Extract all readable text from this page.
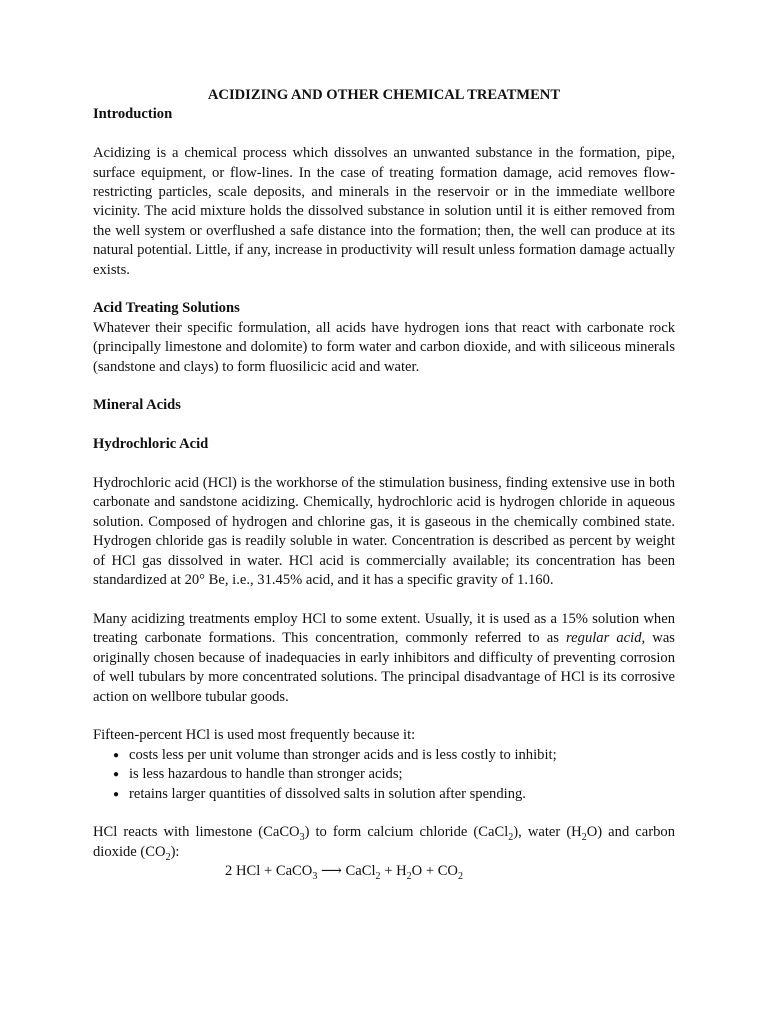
ACIDIZING AND OTHER CHEMICAL TREATMENT

Introduction

Acidizing is a chemical process which dissolves an unwanted substance in the formation, pipe, surface equipment, or flow-lines. In the case of treating formation damage, acid removes flow-restricting particles, scale deposits, and minerals in the reservoir or in the immediate wellbore vicinity. The acid mixture holds the dissolved substance in solution until it is either removed from the well system or overflushed a safe distance into the formation; then, the well can produce at its natural potential. Little, if any, increase in productivity will result unless formation damage actually exists.

Acid Treating Solutions

Whatever their specific formulation, all acids have hydrogen ions that react with carbonate rock (principally limestone and dolomite) to form water and carbon dioxide, and with siliceous minerals (sandstone and clays) to form fluosilicic acid and water.

Mineral Acids

Hydrochloric Acid

Hydrochloric acid (HCl) is the workhorse of the stimulation business, finding extensive use in both carbonate and sandstone acidizing. Chemically, hydrochloric acid is hydrogen chloride in aqueous solution. Composed of hydrogen and chlorine gas, it is gaseous in the chemically combined state. Hydrogen chloride gas is readily soluble in water. Concentration is described as percent by weight of HCl gas dissolved in water. HCl acid is commercially available; its concentration has been standardized at 20° Be, i.e., 31.45% acid, and it has a specific gravity of 1.160.

Many acidizing treatments employ HCl to some extent. Usually, it is used as a 15% solution when treating carbonate formations. This concentration, commonly referred to as regular acid, was originally chosen because of inadequacies in early inhibitors and difficulty of preventing corrosion of well tubulars by more concentrated solutions. The principal disadvantage of HCl is its corrosive action on wellbore tubular goods.

Fifteen-percent HCl is used most frequently because it:

● costs less per unit volume than stronger acids and is less costly to inhibit;
● is less hazardous to handle than stronger acids;
● retains larger quantities of dissolved salts in solution after spending.

HCl reacts with limestone (CaCO$_3$) to form calcium chloride (CaCl$_2$), water $(H_2O)$ and carbon dioxide $(CO_2)$:

2 HCl + CaCO$_3$ ⟶ CaCl$_2$ + $H_2O + CO_2$
